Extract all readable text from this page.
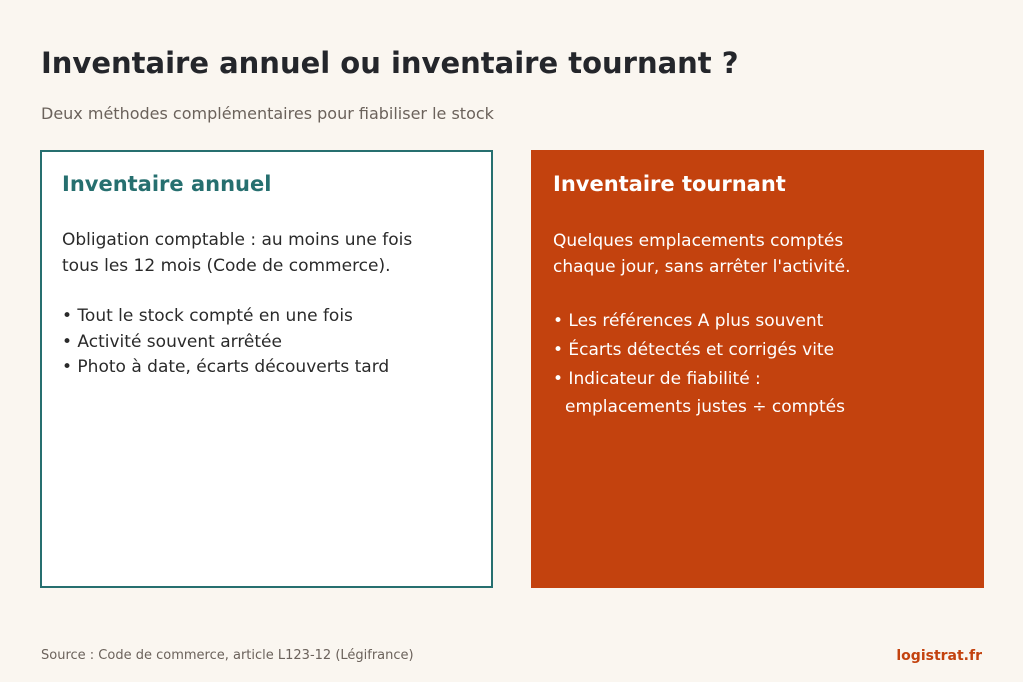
Inventaire annuel ou inventaire tournant ?

Deux méthodes complémentaires pour fiabiliser le stock

Inventaire annuel

Obligation comptable : au moins une fois
tous les 12 mois (Code de commerce).

• Tout le stock compté en une fois
• Activité souvent arrêtée
• Photo à date, écarts découverts tard
Inventaire tournant

Quelques emplacements comptés
chaque jour, sans arrêter l'activité.

• Les références A plus souvent
• Écarts détectés et corrigés vite
• Indicateur de fiabilité :
emplacements justes ÷ comptés

Source : Code de commerce, article L123-12 (Légifrance)	logistrat.fr
